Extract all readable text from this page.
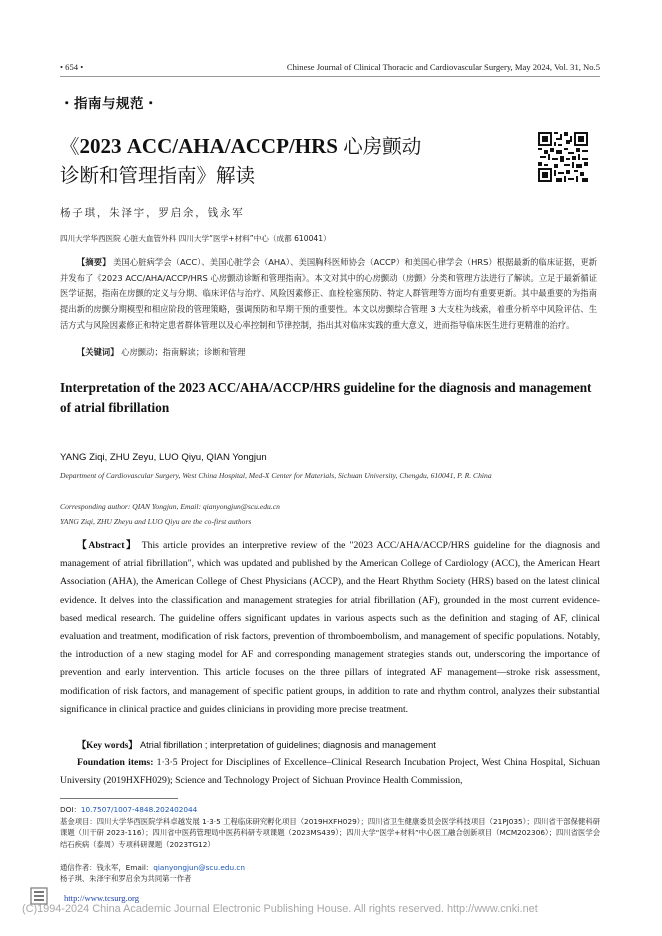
• 654 •	Chinese Journal of Clinical Thoracic and Cardiovascular Surgery, May 2024, Vol. 31, No.5
・指南与规范・
《2023 ACC/AHA/ACCP/HRS 心房颤动
诊断和管理指南》解读
杨子琪，朱泽宇，罗启余，钱永军
四川大学华西医院 心脏大血管外科 四川大学“医学+材料”中心（成都 610041）
【摘要】 美国心脏病学会（ACC）、美国心脏学会（AHA）、美国胸科医师协会（ACCP）和美国心律学会（HRS）根据最新的临床证据，更新并发布了《2023 ACC/AHA/ACCP/HRS 心房颤动诊断和管理指南》。本文对其中的心房颤动（房颤）分类和管理方法进行了解读。立足于最新循证医学证据，指南在房颤的定义与分期、临床评估与治疗、风险因素修正、血栓栓塞预防、特定人群管理等方面均有重要更新。其中最重要的为指南提出新的房颤分期模型和相应阶段的管理策略，强调预防和早期干预的重要性。本文以房颤综合管理 3 大支柱为线索，着重分析卒中风险评估、生活方式与风险因素修正和特定患者群体管理以及心率控制和节律控制，指出其对临床实践的重大意义，进而指导临床医生进行更精准的治疗。
【关键词】 心房颤动；指南解读；诊断和管理
Interpretation of the 2023 ACC/AHA/ACCP/HRS guideline for the diagnosis and management of atrial fibrillation
YANG Ziqi, ZHU Zeyu, LUO Qiyu, QIAN Yongjun
Department of Cardiovascular Surgery, West China Hospital, Med-X Center for Materials, Sichuan University, Chengdu, 610041, P. R. China
Corresponding author: QIAN Yongjun, Email: qianyongjun@scu.edu.cn
YANG Ziqi, ZHU Zheyu and LUO Qiyu are the co-first authors
【Abstract】 This article provides an interpretive review of the "2023 ACC/AHA/ACCP/HRS guideline for the diagnosis and management of atrial fibrillation", which was updated and published by the American College of Cardiology (ACC), the American Heart Association (AHA), the American College of Chest Physicians (ACCP), and the Heart Rhythm Society (HRS) based on the latest clinical evidence. It delves into the classification and management strategies for atrial fibrillation (AF), grounded in the most current evidence-based medical research. The guideline offers significant updates in various aspects such as the definition and staging of AF, clinical evaluation and treatment, modification of risk factors, prevention of thromboembolism, and management of specific populations. Notably, the introduction of a new staging model for AF and corresponding management strategies stands out, underscoring the importance of prevention and early intervention. This article focuses on the three pillars of integrated AF management—stroke risk assessment, modification of risk factors, and management of specific patient groups, in addition to rate and rhythm control, analyzes their substantial significance in clinical practice and guides clinicians in providing more precise treatment.
【Key words】 Atrial fibrillation ; interpretation of guidelines; diagnosis and management
Foundation items: 1·3·5 Project for Disciplines of Excellence–Clinical Research Incubation Project, West China Hospital, Sichuan University (2019HXFH029); Science and Technology Project of Sichuan Province Health Commission,
DOI：10.7507/1007-4848.202402044
基金项目：四川大学华西医院学科卓越发展 1·3·5 工程临床研究孵化项目（2019HXFH029）；四川省卫生健康委员会医学科技项目（21PJ035）；四川省干部保健科研课题（川干研 2023-116）；四川省中医药管理局中医药科研专项课题（2023MS439）；四川大学“医学+材料”中心医工融合创新项目（MCM202306）；四川省医学会结石疾病（泰周）专项科研课题（2023TG12）
通信作者：钱永军，Email：qianyongjun@scu.edu.cn
杨子琪、朱泽宇和罗启余为共同第一作者
http://www.tcsurg.org
(C)1994-2024 China Academic Journal Electronic Publishing House. All rights reserved. http://www.cnki.net
